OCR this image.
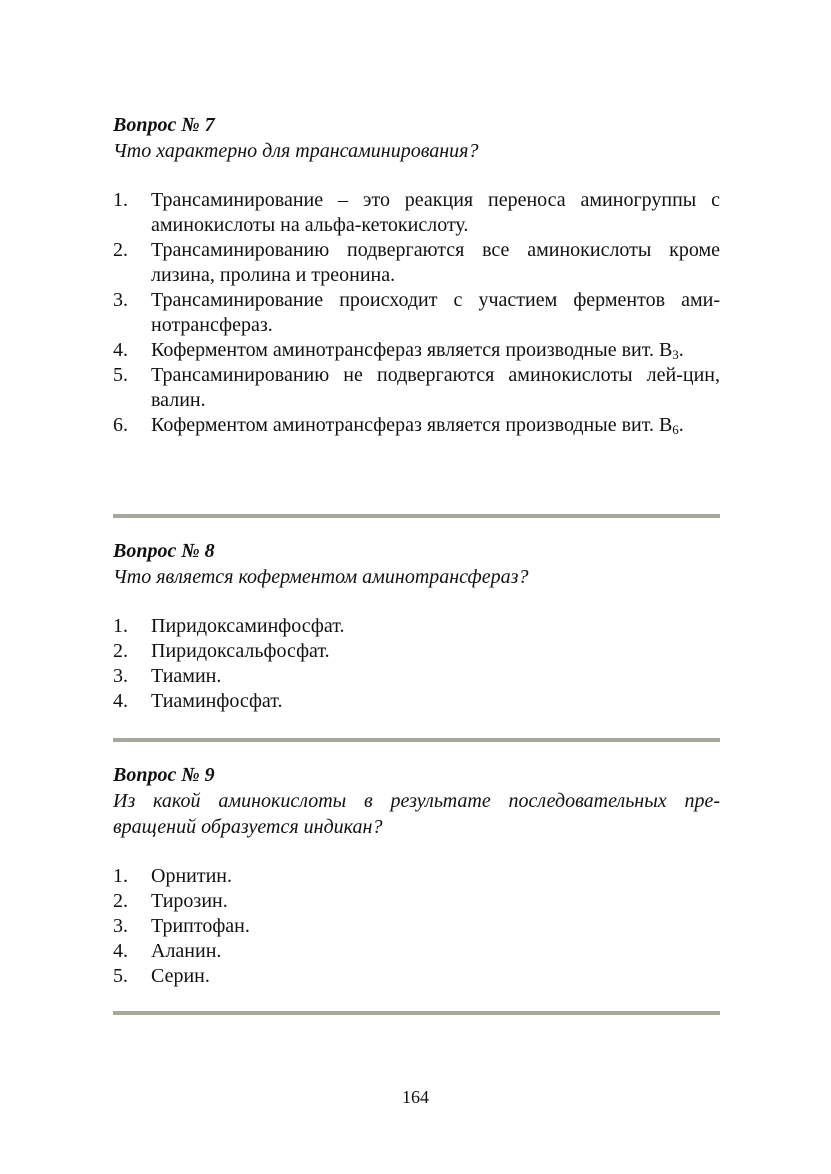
Вопрос № 7

Что характерно для трансаминирования?

1.	Трансаминирование – это реакция переноса аминогруппы с аминокислоты на альфа-кетокислоту.
2.	Трансаминированию подвергаются все аминокислоты кроме лизина, пролина и треонина.
3.	Трансаминирование происходит с участием ферментов ами-нотрансфераз.
4.	Коферментом аминотрансфераз является производные вит. $В_3$.
5.	Трансаминированию не подвергаются аминокислоты лей-цин, валин.
6.	Коферментом аминотрансфераз является производные вит. $В_6$.

Вопрос № 8

Что является коферментом аминотрансфераз?

1.	Пиридоксаминфосфат.
2.	Пиридоксальфосфат.
3.	Тиамин.
4.	Тиаминфосфат.

Вопрос № 9

Из какой аминокислоты в результате последовательных пре-вращений образуется индикан?

1.	Орнитин.
2.	Тирозин.
3.	Триптофан.
4.	Аланин.
5.	Серин.
164
